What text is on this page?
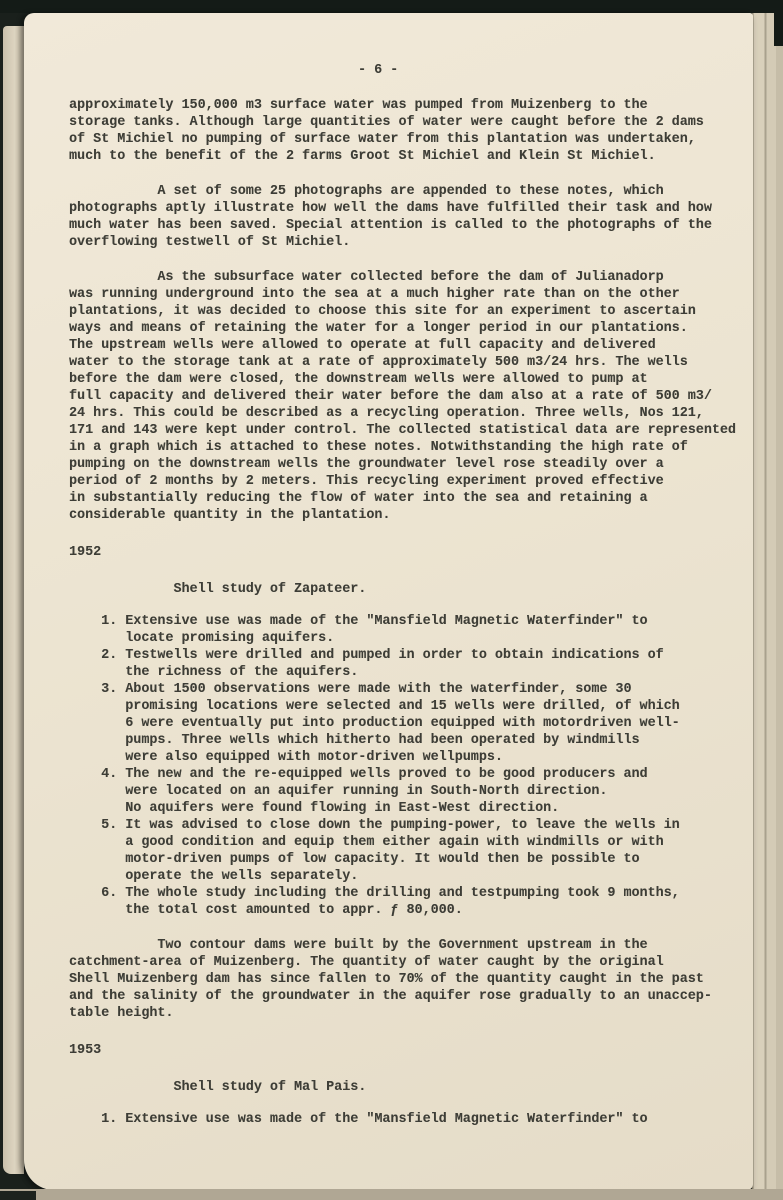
- 6 -
approximately 150,000 m3 surface water was pumped from Muizenberg to the
storage tanks. Although large quantities of water were caught before the 2 dams
of St Michiel no pumping of surface water from this plantation was undertaken,
much to the benefit of the 2 farms Groot St Michiel and Klein St Michiel.
A set of some 25 photographs are appended to these notes, which
photographs aptly illustrate how well the dams have fulfilled their task and how
much water has been saved. Special attention is called to the photographs of the
overflowing testwell of St Michiel.
As the subsurface water collected before the dam of Julianadorp
was running underground into the sea at a much higher rate than on the other
plantations, it was decided to choose this site for an experiment to ascertain
ways and means of retaining the water for a longer period in our plantations.
The upstream wells were allowed to operate at full capacity and delivered
water to the storage tank at a rate of approximately 500 m3/24 hrs. The wells
before the dam were closed, the downstream wells were allowed to pump at
full capacity and delivered their water before the dam also at a rate of 500 m3/
24 hrs. This could be described as a recycling operation. Three wells, Nos 121,
171 and 143 were kept under control. The collected statistical data are represented
in a graph which is attached to these notes. Notwithstanding the high rate of
pumping on the downstream wells the groundwater level rose steadily over a
period of 2 months by 2 meters. This recycling experiment proved effective
in substantially reducing the flow of water into the sea and retaining a
considerable quantity in the plantation.
1952
Shell study of Zapateer.
1. Extensive use was made of the "Mansfield Magnetic Waterfinder" to
locate promising aquifers.
2. Testwells were drilled and pumped in order to obtain indications of
the richness of the aquifers.
3. About 1500 observations were made with the waterfinder, some 30
promising locations were selected and 15 wells were drilled, of which
6 were eventually put into production equipped with motordriven well-
pumps. Three wells which hitherto had been operated by windmills
were also equipped with motor-driven wellpumps.
4. The new and the re-equipped wells proved to be good producers and
were located on an aquifer running in South-North direction.
No aquifers were found flowing in East-West direction.
5. It was advised to close down the pumping-power, to leave the wells in
a good condition and equip them either again with windmills or with
motor-driven pumps of low capacity. It would then be possible to
operate the wells separately.
6. The whole study including the drilling and testpumping took 9 months,
the total cost amounted to appr. ƒ 80,000.
Two contour dams were built by the Government upstream in the
catchment-area of Muizenberg. The quantity of water caught by the original
Shell Muizenberg dam has since fallen to 70% of the quantity caught in the past
and the salinity of the groundwater in the aquifer rose gradually to an unaccep-
table height.
1953
Shell study of Mal Pais.
1. Extensive use was made of the "Mansfield Magnetic Waterfinder" to
